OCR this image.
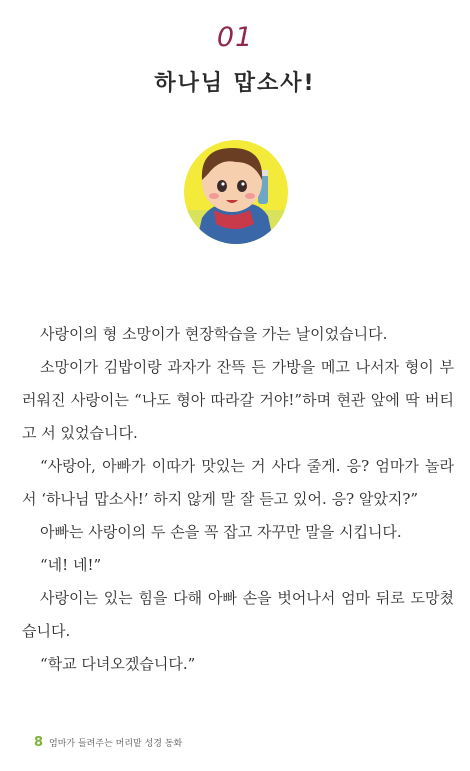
01
하나님 맙소사!

사랑이의 형 소망이가 현장학습을 가는 날이었습니다.

소망이가 김밥이랑 과자가 잔뜩 든 가방을 메고 나서자 형이 부러워진 사랑이는 “나도 형아 따라갈 거야!”하며 현관 앞에 딱 버티고 서 있었습니다.

“사랑아, 아빠가 이따가 맛있는 거 사다 줄게. 응? 엄마가 놀라서 ‘하나님 맙소사!’ 하지 않게 말 잘 듣고 있어. 응? 알았지?”

아빠는 사랑이의 두 손을 꼭 잡고 자꾸만 말을 시킵니다.

“네! 네!”

사랑이는 있는 힘을 다해 아빠 손을 벗어나서 엄마 뒤로 도망쳤습니다.

“학교 다녀오겠습니다.”

8 엄마가 들려주는 머리맡 성경 동화
